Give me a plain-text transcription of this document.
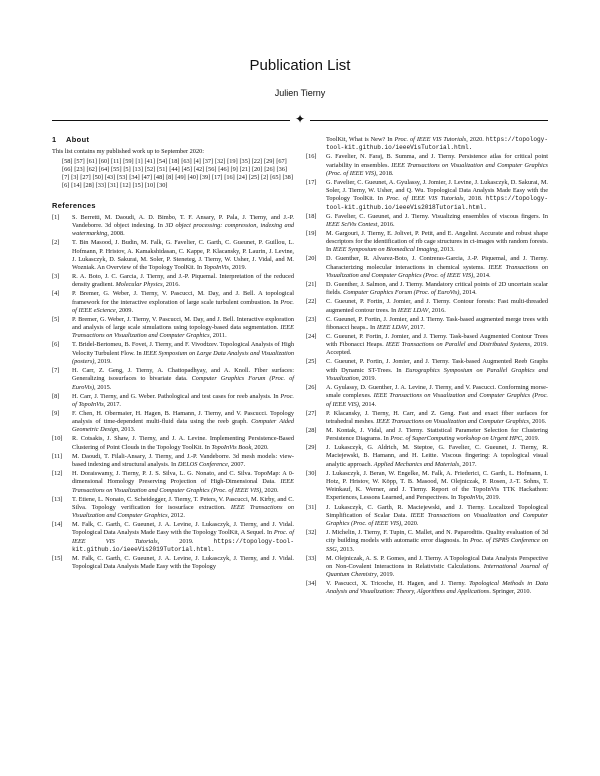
Publication List
Julien Tierny
✦
1 About

This list contains my published work up to September 2020:

[58] [57] [61] [60] [11] [59] [1] [41] [54] [18] [63] [4] [37] [32] [19] [35] [22] [29] [67] [66] [23] [62] [64] [55] [5] [13] [52] [51] [44] [45] [42] [56] [46] [9] [21] [20] [26] [36] [7] [3] [27] [50] [43] [53] [34] [47] [48] [8] [49] [40] [39] [17] [16] [24] [25] [2] [65] [38] [6] [14] [28] [33] [31] [12] [15] [10] [30]
References
[1]	S. Berretti, M. Daoudi, A. D. Bimbo, T. F. Ansary, P. Pala, J. Tierny, and J.-P. Vandeborre. 3d object indexing. In 3D object processing: compression, indexing and watermarking, 2008.
[2]	T. Bin Masood, J. Budin, M. Falk, G. Favelier, C. Garth, C. Gueunet, P. Guillou, L. Hofmann, P. Hristov, A. Kamakshidasan, C. Kappe, P. Klacansky, P. Laurin, J. Levine, J. Lukasczyk, D. Sakurai, M. Soler, P. Steneteg, J. Tierny, W. Usher, J. Vidal, and M. Wozniak. An Overview of the Topology ToolKit. In TopoInVis, 2019.
[3]	R. A. Boto, J. C. Garcia, J. Tierny, and J.-P. Piquemal. Interpretation of the reduced density gradient. Molecular Physics, 2016.
[4]	P. Bremer, G. Weber, J. Tierny, V. Pascucci, M. Day, and J. Bell. A topological framework for the interactive exploration of large scale turbulent combustion. In Proc. of IEEE eScience, 2009.
[5]	P. Bremer, G. Weber, J. Tierny, V. Pascucci, M. Day, and J. Bell. Interactive exploration and analysis of large scale simulations using topology-based data segmentation. IEEE Transactions on Visualization and Computer Graphics, 2011.
[6]	T. Bridel-Bertomeu, B. Fovet, J. Tierny, and F. Vivodtzev. Topological Analysis of High Velocity Turbulent Flow. In IEEE Symposium on Large Data Analysis and Visualization (posters), 2019.
[7]	H. Carr, Z. Geng, J. Tierny, A. Chattopadhyay, and A. Knoll. Fiber surfaces: Generalizing isosurfaces to bivariate data. Computer Graphics Forum (Proc. of EuroVis), 2015.
[8]	H. Carr, J. Tierny, and G. Weber. Pathological and test cases for reeb analysis. In Proc. of TopoInVis, 2017.
[9]	F. Chen, H. Obermaier, H. Hagen, B. Hamann, J. Tierny, and V. Pascucci. Topology analysis of time-dependent multi-fluid data using the reeb graph. Computer Aided Geometric Design, 2013.
[10]	R. Cotsakis, J. Shaw, J. Tierny, and J. A. Levine. Implementing Persistence-Based Clustering of Point Clouds in the Topology ToolKit. In TopoInVis Book, 2020.
[11]	M. Daoudi, T. Filali-Ansary, J. Tierny, and J.-P. Vandeborre. 3d mesh models: view-based indexing and structural analysis. In DELOS Conference, 2007.
[12]	H. Doraiswamy, J. Tierny, P. J. S. Silva, L. G. Nonato, and C. Silva. TopoMap: A 0-dimensional Homology Preserving Projection of High-Dimensional Data. IEEE Transactions on Visualization and Computer Graphics (Proc. of IEEE VIS), 2020.
[13]	T. Etiene, L. Nonato, C. Scheidegger, J. Tierny, T. Peters, V. Pascucci, M. Kirby, and C. Silva. Topology verification for isosurface extraction. IEEE Transactions on Visualization and Computer Graphics, 2012.
[14]	M. Falk, C. Garth, C. Gueunet, J. A. Levine, J. Lukasczyk, J. Tierny, and J. Vidal. Topological Data Analysis Made Easy with the Topology ToolKit, A Sequel. In Proc. of IEEE VIS Tutorials, 2019.	https://topology-tool-kit.github.io/ieeeVis2019Tutorial.html.
[15]	M. Falk, C. Garth, C. Gueunet, J. A. Levine, J. Lukasczyk, J. Tierny, and J. Vidal. Topological Data Analysis Made Easy with the Topology
ToolKit, What is New? In Proc. of IEEE VIS Tutorials, 2020. https://topology-tool-kit.github.io/ieeeVisTutorial.html.
[16]	G. Favelier, N. Faraj, B. Summa, and J. Tierny. Persistence atlas for critical point variability in ensembles. IEEE Transactions on Visualization and Computer Graphics (Proc. of IEEE VIS), 2018.
[17]	G. Favelier, C. Gueunet, A. Gyulassy, J. Jomier, J. Levine, J. Lukasczyk, D. Sakurai, M. Soler, J. Tierny, W. Usher, and Q. Wu. Topological Data Analysis Made Easy with the Topology ToolKit. In Proc. of IEEE VIS Tutorials, 2018. https://topology-tool-kit.github.io/ieeeVis2018Tutorial.html.
[18]	G. Favelier, C. Gueunet, and J. Tierny. Visualizing ensembles of viscous fingers. In IEEE SciVis Contest, 2016.
[19]	M. Gargouri, J. Tierny, E. Jolivet, P. Petit, and E. Angelini. Accurate and robust shape descriptors for the identification of rib cage structures in ct-images with random forests. In IEEE Symposium on Biomedical Imaging, 2013.
[20]	D. Guenther, R. Alvarez-Boto, J. Contreras-Garcia, J.-P. Piquemal, and J. Tierny. Characterizing molecular interactions in chemical systems. IEEE Transactions on Visualization and Computer Graphics (Proc. of IEEE VIS), 2014.
[21]	D. Guenther, J. Salmon, and J. Tierny. Mandatory critical points of 2D uncertain scalar fields. Computer Graphics Forum (Proc. of EuroVis), 2014.
[22]	C. Gueunet, P. Fortin, J. Jomier, and J. Tierny. Contour forests: Fast multi-threaded augmented contour trees. In IEEE LDAV, 2016.
[23]	C. Gueunet, P. Fortin, J. Jomier, and J. Tierny. Task-based augmented merge trees with fibonacci heaps.. In IEEE LDAV, 2017.
[24]	C. Gueunet, P. Fortin, J. Jomier, and J. Tierny. Task-based Augmented Contour Trees with Fibonacci Heaps. IEEE Transactions on Parallel and Distributed Systems, 2019. Accepted.
[25]	C. Gueunet, P. Fortin, J. Jomier, and J. Tierny. Task-based Augmented Reeb Graphs with Dynamic ST-Trees. In Eurographics Symposium on Parallel Graphics and Visualization, 2019.
[26]	A. Gyulassy, D. Guenther, J. A. Levine, J. Tierny, and V. Pascucci. Conforming morse-smale complexes. IEEE Transactions on Visualization and Computer Graphics (Proc. of IEEE VIS), 2014.
[27]	P. Klacansky, J. Tierny, H. Carr, and Z. Geng. Fast and exact fiber surfaces for tetrahedral meshes. IEEE Transactions on Visualization and Computer Graphics, 2016.
[28]	M. Kontak, J. Vidal, and J. Tierny. Statistical Parameter Selection for Clustering Persistence Diagrams. In Proc. of SuperComputing workshop on Urgent HPC, 2019.
[29]	J. Lukasczyk, G. Aldrich, M. Steptoe, G. Favelier, C. Gueunet, J. Tierny, R. Maciejewski, B. Hamann, and H. Leitte. Viscous fingering: A topological visual analytic approach. Applied Mechanics and Materials, 2017.
[30]	J. Lukasczyk, J. Beran, W. Engelke, M. Falk, A. Friederici, C. Garth, L. Hofmann, I. Hotz, P. Hristov, W. Köpp, T. B. Masood, M. Olejniczak, P. Rosen, J.-T. Sohns, T. Weinkauf, K. Werner, and J. Tierny. Report of the TopoInVis TTK Hackathon: Experiences, Lessons Learned, and Perspectives. In TopoInVis, 2019.
[31]	J. Lukasczyk, C. Garth, R. Maciejewski, and J. Tierny. Localized Topological Simplification of Scalar Data. IEEE Transactions on Visualization and Computer Graphics (Proc. of IEEE VIS), 2020.
[32]	J. Michelin, J. Tierny, F. Tupin, C. Mallet, and N. Paparoditis. Quality evaluation of 3d city building models with automatic error diagnosis. In Proc. of ISPRS Conference on SSG, 2013.
[33]	M. Olejniczak, A. S. P. Gomes, and J. Tierny. A Topological Data Analysis Perspective on Non-Covalent Interactions in Relativistic Calculations. International Journal of Quantum Chemistry, 2019.
[34]	V. Pascucci, X. Tricoche, H. Hagen, and J. Tierny. Topological Methods in Data Analysis and Visualization: Theory, Algorithms and Applications. Springer, 2010.
